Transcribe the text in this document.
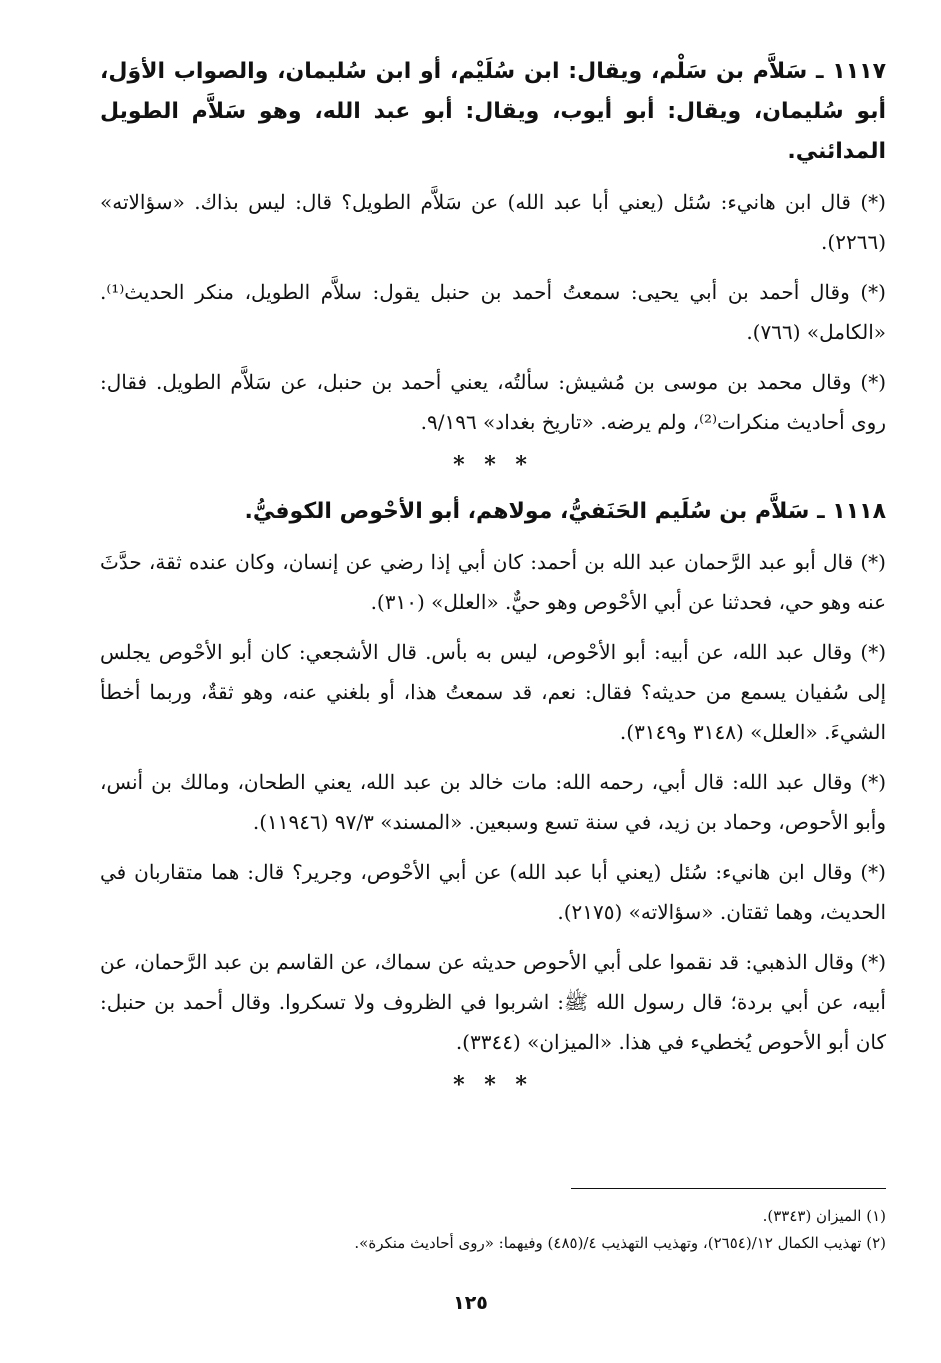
١١١٧ ـ سَلاَّم بن سَلْم، ويقال: ابن سُلَيْم، أو ابن سُليمان، والصواب الأوَل، أبو سُليمان، ويقال: أبو أيوب، ويقال: أبو عبد الله، وهو سَلاَّم الطويل المدائني.
(*) قال ابن هانيء: سُئل (يعني أبا عبد الله) عن سَلاَّم الطويل؟ قال: ليس بذاك. «سؤالاته» (٢٢٦٦).
(*) وقال أحمد بن أبي يحيى: سمعتُ أحمد بن حنبل يقول: سلاَّم الطويل، منكر الحديث⁽¹⁾. «الكامل» (٧٦٦).
(*) وقال محمد بن موسى بن مُشيش: سألتُه، يعني أحمد بن حنبل، عن سَلاَّم الطويل. فقال: روى أحاديث منكرات⁽²⁾، ولم يرضه. «تاريخ بغداد» ٩/١٩٦.
* * *
١١١٨ ـ سَلاَّم بن سُلَيم الحَنَفيُّ، مولاهم، أبو الأحْوص الكوفيُّ.
(*) قال أبو عبد الرَّحمان عبد الله بن أحمد: كان أبي إذا رضي عن إنسان، وكان عنده ثقة، حدَّثَ عنه وهو حي، فحدثنا عن أبي الأحْوص وهو حيٌّ. «العلل» (٣١٠).
(*) وقال عبد الله، عن أبيه: أبو الأحْوص، ليس به بأس. قال الأشجعي: كان أبو الأحْوص يجلس إلى سُفيان يسمع من حديثه؟ فقال: نعم، قد سمعتُ هذا، أو بلغني عنه، وهو ثقةٌ، وربما أخطأ الشيءَ. «العلل» (٣١٤٨ و٣١٤٩).
(*) وقال عبد الله: قال أبي، رحمه الله: مات خالد بن عبد الله، يعني الطحان، ومالك بن أنس، وأبو الأحوص، وحماد بن زيد، في سنة تسع وسبعين. «المسند» ٩٧/٣ (١١٩٤٦).
(*) وقال ابن هانيء: سُئل (يعني أبا عبد الله) عن أبي الأحْوص، وجرير؟ قال: هما متقاربان في الحديث، وهما ثقتان. «سؤالاته» (٢١٧٥).
(*) وقال الذهبي: قد نقموا على أبي الأحوص حديثه عن سماك، عن القاسم بن عبد الرَّحمان، عن أبيه، عن أبي بردة؛ قال رسول الله ﷺ: اشربوا في الظروف ولا تسكروا. وقال أحمد بن حنبل: كان أبو الأحوص يُخطيء في هذا. «الميزان» (٣٣٤٤).
* * *
(١) الميزان (٣٣٤٣).
(٢) تهذيب الكمال ١٢/(٢٦٥٤)، وتهذيب التهذيب ٤/(٤٨٥) وفيهما: «روى أحاديث منكرة».
١٢٥
